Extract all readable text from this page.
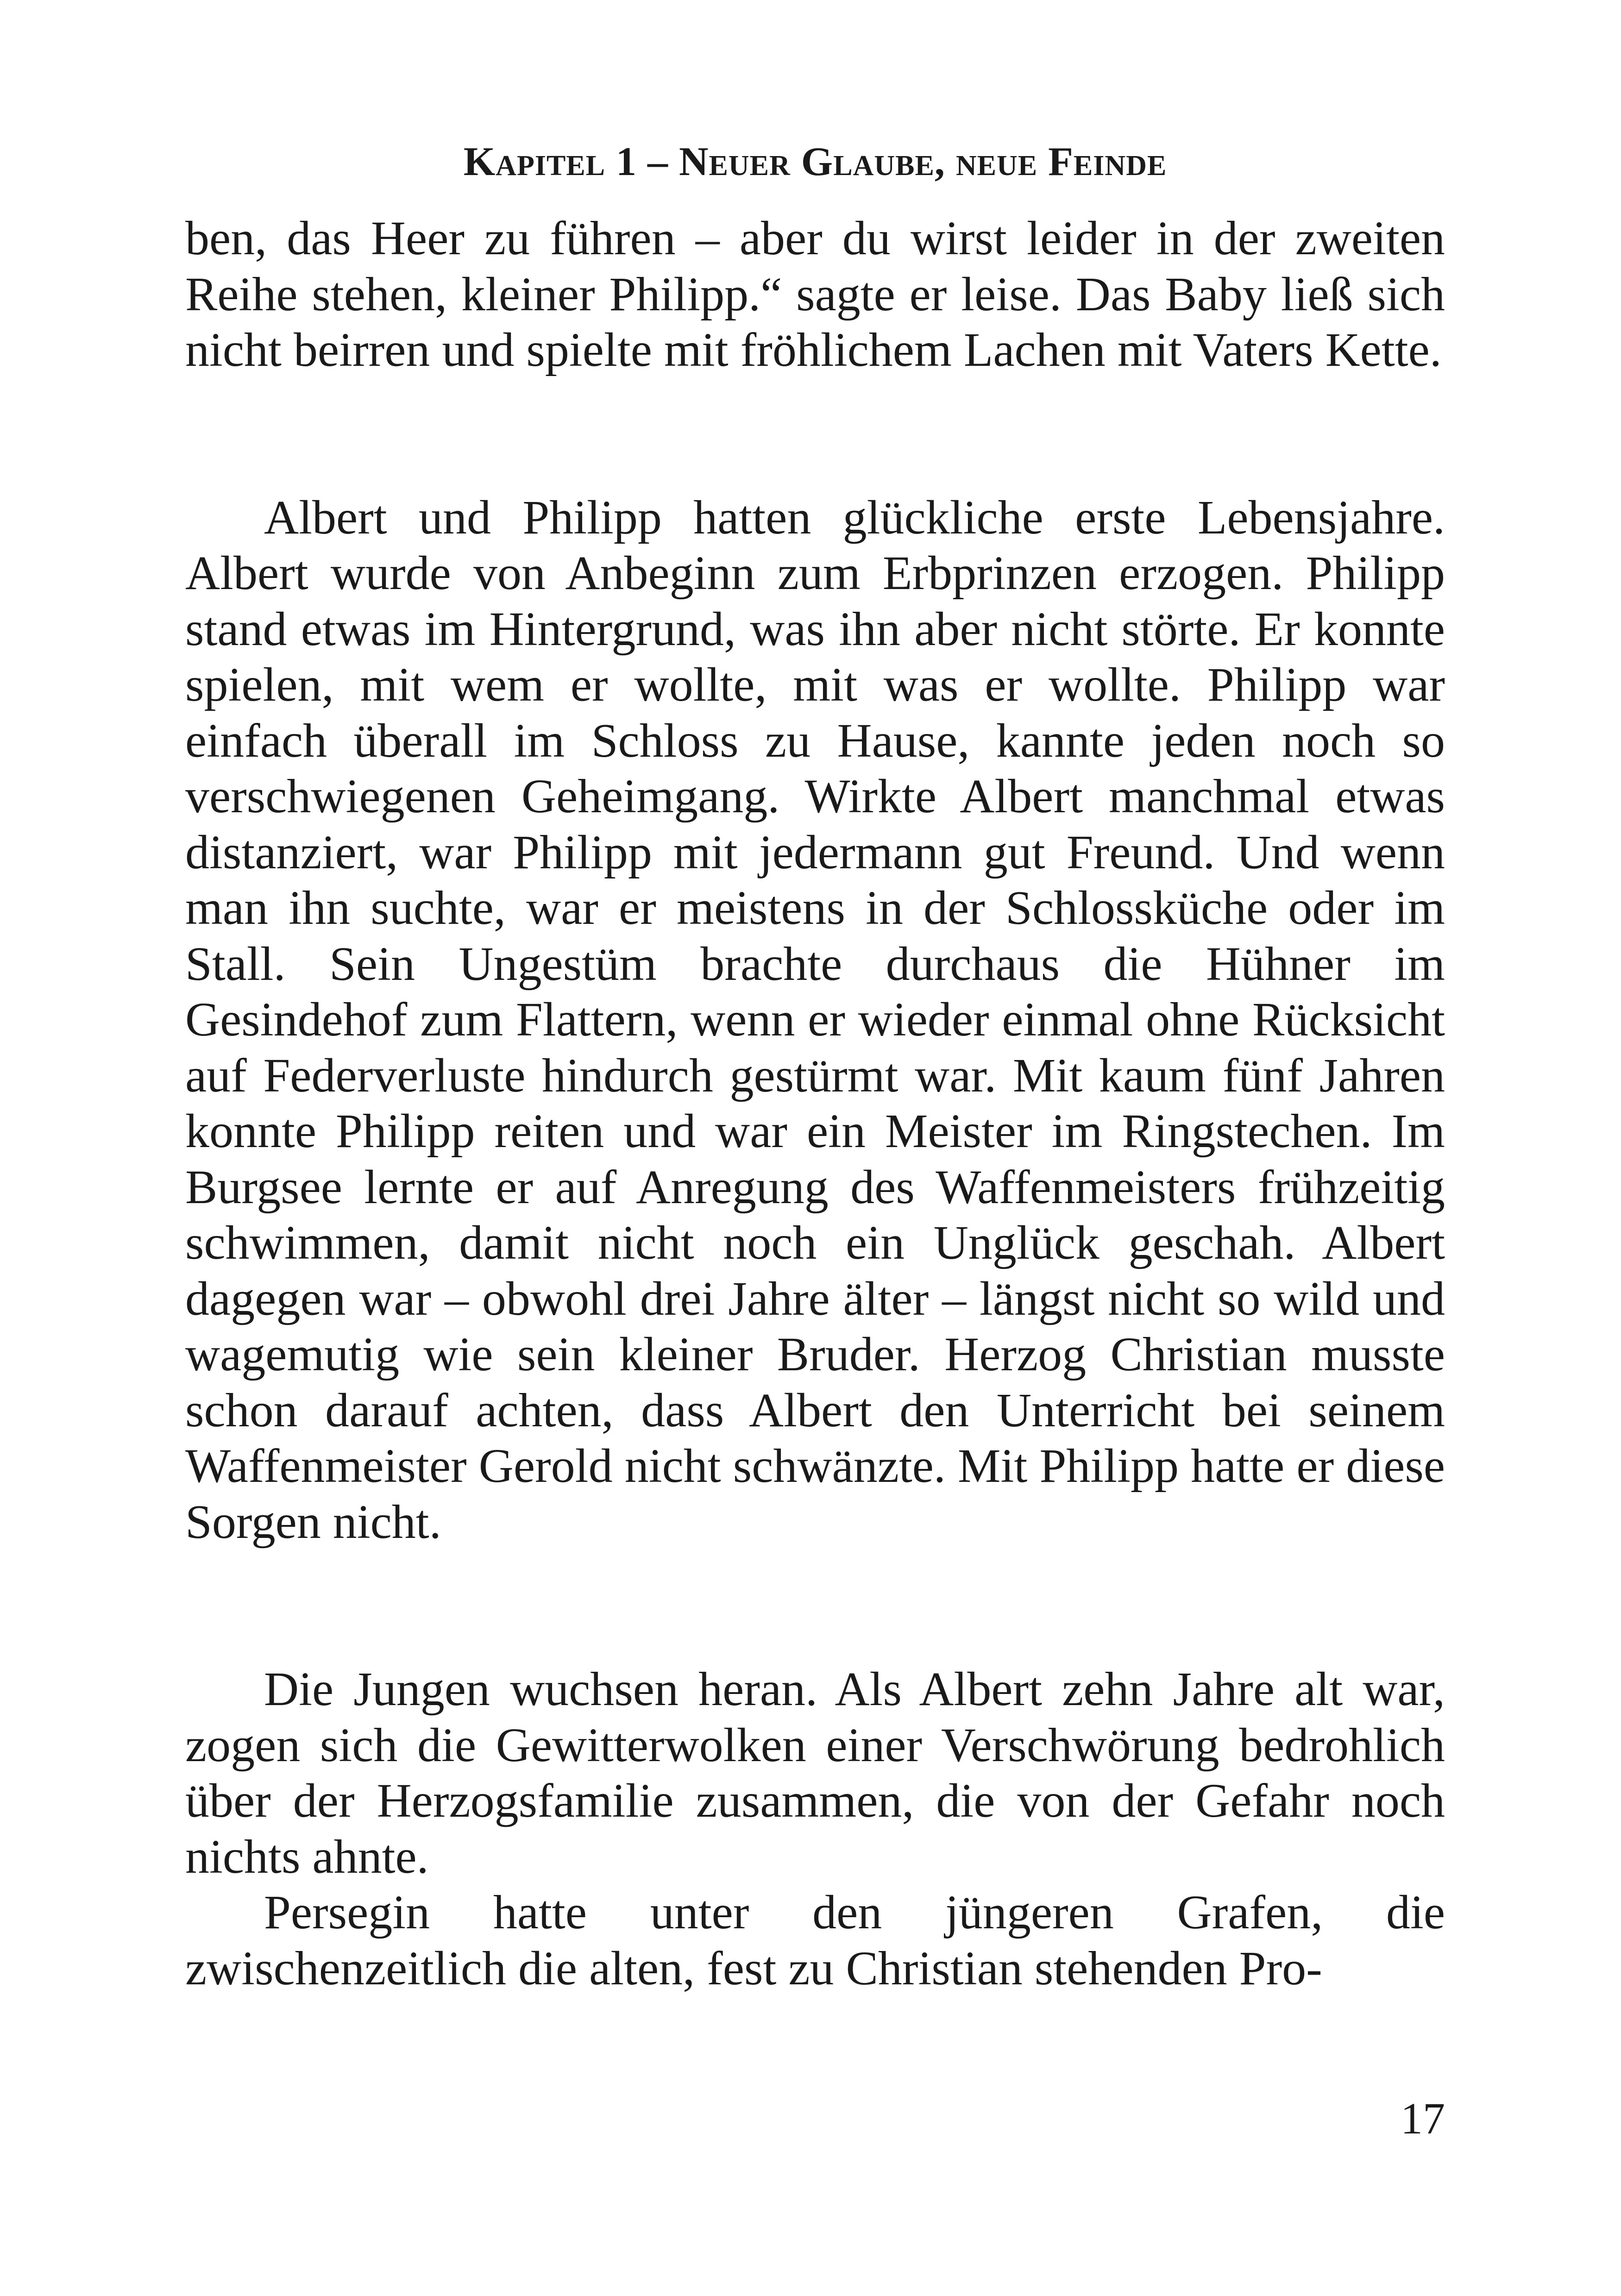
Kapitel 1 – Neuer Glaube, neue Feinde

ben, das Heer zu führen – aber du wirst leider in der zweiten Reihe stehen, kleiner Philipp.“ sagte er leise. Das Baby ließ sich nicht beirren und spielte mit fröhlichem Lachen mit Vaters Kette.

Albert und Philipp hatten glückliche erste Lebensjahre. Albert wurde von Anbeginn zum Erbprinzen erzogen. Philipp stand etwas im Hintergrund, was ihn aber nicht störte. Er konnte spielen, mit wem er wollte, mit was er wollte. Philipp war einfach überall im Schloss zu Hause, kannte jeden noch so verschwiegenen Geheimgang. Wirkte Albert manchmal etwas distanziert, war Philipp mit jedermann gut Freund. Und wenn man ihn suchte, war er meistens in der Schlossküche oder im Stall. Sein Ungestüm brachte durchaus die Hühner im Gesindehof zum Flattern, wenn er wieder einmal ohne Rücksicht auf Federverluste hindurch gestürmt war. Mit kaum fünf Jahren konnte Philipp reiten und war ein Meister im Ringstechen. Im Burgsee lernte er auf Anregung des Waffenmeisters frühzeitig schwimmen, damit nicht noch ein Unglück geschah. Albert dagegen war – obwohl drei Jahre älter – längst nicht so wild und wagemutig wie sein kleiner Bruder. Herzog Christian musste schon darauf achten, dass Albert den Unterricht bei seinem Waffenmeister Gerold nicht schwänzte. Mit Philipp hatte er diese Sorgen nicht.

Die Jungen wuchsen heran. Als Albert zehn Jahre alt war, zogen sich die Gewitterwolken einer Verschwörung bedrohlich über der Herzogsfamilie zusammen, die von der Gefahr noch nichts ahnte.

Persegin hatte unter den jüngeren Grafen, die zwischenzeitlich die alten, fest zu Christian stehenden Pro-

17
